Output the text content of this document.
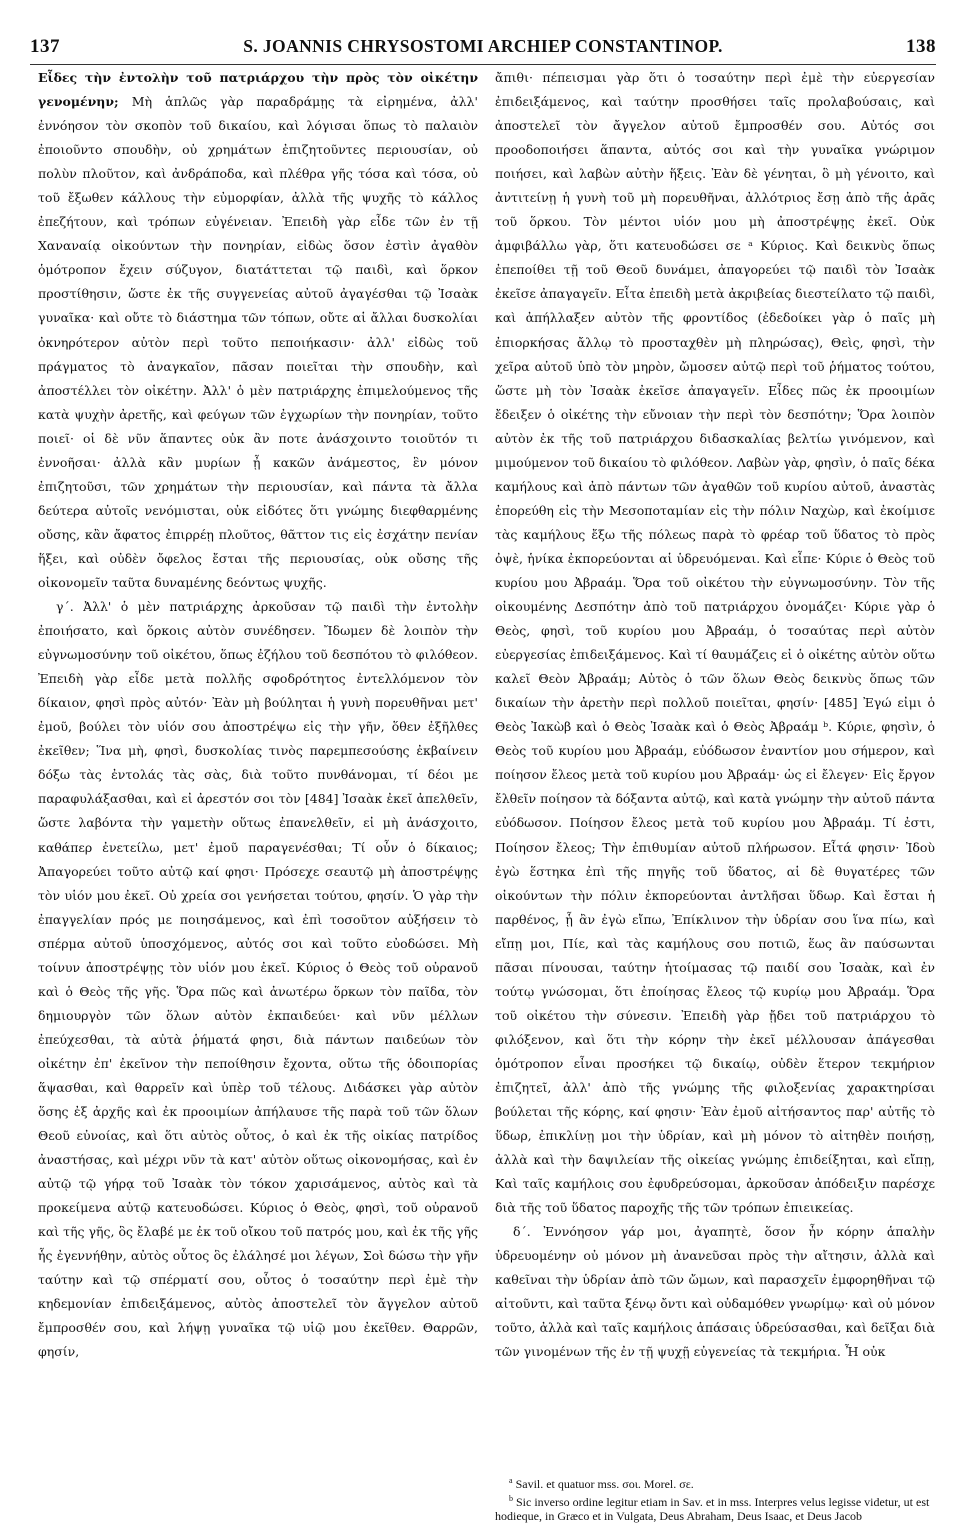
137	S. JOANNIS CHRYSOSTOMI ARCHIEP CONSTANTINOP.	138

Εἶδες τὴν ἐντολὴν τοῦ πατριάρχου τὴν πρὸς τὸν οἰκέτην γενομένην; Μὴ ἁπλῶς γὰρ παραδράμῃς τὰ εἰρημένα, ἀλλ' ἐννόησον τὸν σκοπὸν τοῦ δικαίου, καὶ λόγισαι ὅπως τὸ παλαιὸν ἐποιοῦντο σπουδὴν, οὐ χρημάτων ἐπιζητοῦντες περιουσίαν, οὐ πολὺν πλοῦτον, καὶ ἀνδράποδα, καὶ πλέθρα γῆς τόσα καὶ τόσα, οὐ τοῦ ἔξωθεν κάλλους τὴν εὐμορφίαν, ἀλλὰ τῆς ψυχῆς τὸ κάλλος ἐπεζήτουν, καὶ τρόπων εὐγένειαν. Ἐπειδὴ γὰρ εἶδε τῶν ἐν τῇ Χαναναίᾳ οἰκούντων τὴν πονηρίαν, εἰδὼς ὅσον ἐστὶν ἀγαθὸν ὁμότροπον ἔχειν σύζυγον, διατάττεται τῷ παιδὶ, καὶ ὅρκον προστίθησιν, ὥστε ἐκ τῆς συγγενείας αὐτοῦ ἀγαγέσθαι τῷ Ἰσαὰκ γυναῖκα· καὶ οὔτε τὸ διάστημα τῶν τόπων, οὔτε αἱ ἄλλαι δυσκολίαι ὀκνηρότερον αὐτὸν περὶ τοῦτο πεποιήκασιν· ἀλλ' εἰδὼς τοῦ πράγματος τὸ ἀναγκαῖον, πᾶσαν ποιεῖται τὴν σπουδὴν, καὶ ἀποστέλλει τὸν οἰκέτην. Ἀλλ' ὁ μὲν πατριάρχης ἐπιμελούμενος τῆς κατὰ ψυχὴν ἀρετῆς, καὶ φεύγων τῶν ἐγχωρίων τὴν πονηρίαν, τοῦτο ποιεῖ· οἱ δὲ νῦν ἅπαντες οὐκ ἂν ποτε ἀνάσχοιντο τοιοῦτόν τι ἐννοῆσαι· ἀλλὰ κἂν μυρίων ᾖ κακῶν ἀνάμεστος, ἓν μόνον ἐπιζητοῦσι, τῶν χρημάτων τὴν περιουσίαν, καὶ πάντα τὰ ἄλλα δεύτερα αὐτοῖς νενόμισται, οὐκ εἰδότες ὅτι γνώμης διεφθαρμένης οὔσης, κἂν ἄφατος ἐπιρρέῃ πλοῦτος, θᾶττον τις εἰς ἐσχάτην πενίαν ἥξει, καὶ οὐδὲν ὄφελος ἔσται τῆς περιουσίας, οὐκ οὔσης τῆς οἰκονομεῖν ταῦτα δυναμένης δεόντως ψυχῆς.

γ΄. Ἀλλ' ὁ μὲν πατριάρχης ἀρκοῦσαν τῷ παιδὶ τὴν ἐντολὴν ἐποιήσατο, καὶ ὅρκοις αὐτὸν συνέδησεν. Ἴδωμεν δὲ λοιπὸν τὴν εὐγνωμοσύνην τοῦ οἰκέτου, ὅπως ἐζήλου τοῦ δεσπότου τὸ φιλόθεον. Ἐπειδὴ γὰρ εἶδε μετὰ πολλῆς σφοδρότητος ἐντελλόμενον τὸν δίκαιον, φησὶ πρὸς αὐτόν· Ἐὰν μὴ βούληται ἡ γυνὴ πορευθῆναι μετ' ἐμοῦ, βούλει τὸν υἱόν σου ἀποστρέψω εἰς τὴν γῆν, ὅθεν ἐξῆλθες ἐκεῖθεν; Ἵνα μὴ, φησὶ, δυσκολίας τινὸς παρεμπεσούσης ἐκβαίνειν δόξω τὰς ἐντολάς τὰς σὰς, διὰ τοῦτο πυνθάνομαι, τί δέοι με παραφυλάξασθαι, καὶ εἰ ἀρεστόν σοι τὸν [484] Ἰσαὰκ ἐκεῖ ἀπελθεῖν, ὥστε λαβόντα τὴν γαμετὴν οὕτως ἐπανελθεῖν, εἰ μὴ ἀνάσχοιτο, καθάπερ ἐνετείλω, μετ' ἐμοῦ παραγενέσθαι; Τί οὖν ὁ δίκαιος; Ἀπαγορεύει τοῦτο αὐτῷ καί φησι· Πρόσεχε σεαυτῷ μὴ ἀποστρέψῃς τὸν υἱόν μου ἐκεῖ. Οὐ χρεία σοι γενήσεται τούτου, φησίν. Ὁ γὰρ τὴν ἐπαγγελίαν πρός με ποιησάμενος, καὶ ἐπὶ τοσοῦτον αὐξήσειν τὸ σπέρμα αὐτοῦ ὑποσχόμενος, αὐτός σοι καὶ τοῦτο εὐοδώσει. Μὴ τοίνυν ἀποστρέψῃς τὸν υἱόν μου ἐκεῖ. Κύριος ὁ Θεὸς τοῦ οὐρανοῦ καὶ ὁ Θεὸς τῆς γῆς. Ὅρα πῶς καὶ ἀνωτέρω ὅρκων τὸν παῖδα, τὸν δημιουργὸν τῶν ὅλων αὐτὸν ἐκπαιδεύει· καὶ νῦν μέλλων ἐπεύχεσθαι, τὰ αὐτὰ ῥήματά φησι, διὰ πάντων παιδεύων τὸν οἰκέτην ἐπ' ἐκεῖνον τὴν πεποίθησιν ἔχοντα, οὕτω τῆς ὁδοιπορίας ἅψασθαι, καὶ θαρρεῖν καὶ ὑπὲρ τοῦ τέλους. Διδάσκει γὰρ αὐτὸν ὅσης ἐξ ἀρχῆς καὶ ἐκ προοιμίων ἀπήλαυσε τῆς παρὰ τοῦ τῶν ὅλων Θεοῦ εὐνοίας, καὶ ὅτι αὐτὸς οὗτος, ὁ καὶ ἐκ τῆς οἰκίας πατρίδος ἀναστήσας, καὶ μέχρι νῦν τὰ κατ' αὐτὸν οὕτως οἰκονομήσας, καὶ ἐν αὐτῷ τῷ γήρᾳ τοῦ Ἰσαὰκ τὸν τόκον χαρισάμενος, αὐτὸς καὶ τὰ προκείμενα αὐτῷ κατευοδώσει. Κύριος ὁ Θεὸς, φησὶ, τοῦ οὐρανοῦ καὶ τῆς γῆς, ὃς ἔλαβέ με ἐκ τοῦ οἴκου τοῦ πατρός μου, καὶ ἐκ τῆς γῆς ἧς ἐγεννήθην, αὐτὸς οὗτος ὃς ἐλάλησέ μοι λέγων, Σοὶ δώσω τὴν γῆν ταύτην καὶ τῷ σπέρματί σου, οὗτος ὁ τοσαύτην περὶ ἐμὲ τὴν κηδεμονίαν ἐπιδειξάμενος, αὐτὸς ἀποστελεῖ τὸν ἄγγελον αὐτοῦ ἔμπροσθέν σου, καὶ λήψῃ γυναῖκα τῷ υἱῷ μου ἐκεῖθεν. Θαρρῶν, φησίν,

ἄπιθι· πέπεισμαι γὰρ ὅτι ὁ τοσαύτην περὶ ἐμὲ τὴν εὐεργεσίαν ἐπιδειξάμενος, καὶ ταύτην προσθήσει ταῖς προλαβούσαις, καὶ ἀποστελεῖ τὸν ἄγγελον αὐτοῦ ἔμπροσθέν σου. Αὐτός σοι προοδοποιήσει ἅπαντα, αὐτός σοι καὶ τὴν γυναῖκα γνώριμον ποιήσει, καὶ λαβὼν αὐτὴν ἥξεις. Ἐὰν δὲ γένηται, ὃ μὴ γένοιτο, καὶ ἀντιτείνῃ ἡ γυνὴ τοῦ μὴ πορευθῆναι, ἀλλότριος ἔσῃ ἀπὸ τῆς ἀρᾶς τοῦ ὅρκου. Τὸν μέντοι υἱόν μου μὴ ἀποστρέψῃς ἐκεῖ. Οὐκ ἀμφιβάλλω γὰρ, ὅτι κατευοδώσει σε ᵃ Κύριος. Καὶ δεικνὺς ὅπως ἐπεποίθει τῇ τοῦ Θεοῦ δυνάμει, ἀπαγορεύει τῷ παιδὶ τὸν Ἰσαὰκ ἐκεῖσε ἀπαγαγεῖν. Εἶτα ἐπειδὴ μετὰ ἀκριβείας διεστείλατο τῷ παιδὶ, καὶ ἀπήλλαξεν αὐτὸν τῆς φροντίδος (ἐδεδοίκει γὰρ ὁ παῖς μὴ ἐπιορκήσας ἄλλῳ τὸ προσταχθὲν μὴ πληρώσας), Θεὶς, φησὶ, τὴν χεῖρα αὐτοῦ ὑπὸ τὸν μηρὸν, ὤμοσεν αὐτῷ περὶ τοῦ ῥήματος τούτου, ὥστε μὴ τὸν Ἰσαὰκ ἐκεῖσε ἀπαγαγεῖν. Εἶδες πῶς ἐκ προοιμίων ἔδειξεν ὁ οἰκέτης τὴν εὔνοιαν τὴν περὶ τὸν δεσπότην; Ὅρα λοιπὸν αὐτὸν ἐκ τῆς τοῦ πατριάρχου διδασκαλίας βελτίω γινόμενον, καὶ μιμούμενον τοῦ δικαίου τὸ φιλόθεον. Λαβὼν γὰρ, φησὶν, ὁ παῖς δέκα καμήλους καὶ ἀπὸ πάντων τῶν ἀγαθῶν τοῦ κυρίου αὐτοῦ, ἀναστὰς ἐπορεύθη εἰς τὴν Μεσοποταμίαν εἰς τὴν πόλιν Ναχὼρ, καὶ ἐκοίμισε τὰς καμήλους ἔξω τῆς πόλεως παρὰ τὸ φρέαρ τοῦ ὕδατος τὸ πρὸς ὀψὲ, ἡνίκα ἐκπορεύονται αἱ ὑδρευόμεναι. Καὶ εἶπε· Κύριε ὁ Θεὸς τοῦ κυρίου μου Ἀβραάμ. Ὅρα τοῦ οἰκέτου τὴν εὐγνωμοσύνην. Τὸν τῆς οἰκουμένης Δεσπότην ἀπὸ τοῦ πατριάρχου ὀνομάζει· Κύριε γὰρ ὁ Θεὸς, φησὶ, τοῦ κυρίου μου Ἀβραάμ, ὁ τοσαύτας περὶ αὐτὸν εὐεργεσίας ἐπιδειξάμενος. Καὶ τί θαυμάζεις εἰ ὁ οἰκέτης αὐτὸν οὕτω καλεῖ Θεὸν Ἀβραάμ; Αὐτὸς ὁ τῶν ὅλων Θεὸς δεικνὺς ὅπως τῶν δικαίων τὴν ἀρετὴν περὶ πολλοῦ ποιεῖται, φησίν· [485] Ἐγώ εἰμι ὁ Θεὸς Ἰακὼβ καὶ ὁ Θεὸς Ἰσαὰκ καὶ ὁ Θεὸς Ἀβραάμ ᵇ. Κύριε, φησὶν, ὁ Θεὸς τοῦ κυρίου μου Ἀβραάμ, εὐόδωσον ἐναντίον μου σήμερον, καὶ ποίησον ἔλεος μετὰ τοῦ κυρίου μου Ἀβραάμ· ὡς εἰ ἔλεγεν· Εἰς ἔργον ἔλθεῖν ποίησον τὰ δόξαντα αὐτῷ, καὶ κατὰ γνώμην τὴν αὐτοῦ πάντα εὐόδωσον. Ποίησον ἔλεος μετὰ τοῦ κυρίου μου Ἀβραάμ. Τί ἐστι, Ποίησον ἔλεος; Τὴν ἐπιθυμίαν αὐτοῦ πλήρωσον. Εἶτά φησιν· Ἰδοὺ ἐγὼ ἕστηκα ἐπὶ τῆς πηγῆς τοῦ ὕδατος, αἱ δὲ θυγατέρες τῶν οἰκούντων τὴν πόλιν ἐκπορεύονται ἀντλῆσαι ὕδωρ. Καὶ ἔσται ἡ παρθένος, ᾗ ἂν ἐγὼ εἴπω, Ἐπίκλινον τὴν ὑδρίαν σου ἵνα πίω, καὶ εἴπῃ μοι, Πίε, καὶ τὰς καμήλους σου ποτιῶ, ἕως ἂν παύσωνται πᾶσαι πίνουσαι, ταύτην ἡτοίμασας τῷ παιδί σου Ἰσαὰκ, καὶ ἐν τούτῳ γνώσομαι, ὅτι ἐποίησας ἔλεος τῷ κυρίῳ μου Ἀβραάμ. Ὅρα τοῦ οἰκέτου τὴν σύνεσιν. Ἐπειδὴ γὰρ ᾔδει τοῦ πατριάρχου τὸ φιλόξενον, καὶ ὅτι τὴν κόρην τὴν ἐκεῖ μέλλουσαν ἀπάγεσθαι ὁμότροπον εἶναι προσήκει τῷ δικαίῳ, οὐδὲν ἕτερον τεκμήριον ἐπιζητεῖ, ἀλλ' ἀπὸ τῆς γνώμης τῆς φιλοξενίας χαρακτηρίσαι βούλεται τῆς κόρης, καί φησιν· Ἐὰν ἐμοῦ αἰτήσαντος παρ' αὐτῆς τὸ ὕδωρ, ἐπικλίνῃ μοι τὴν ὑδρίαν, καὶ μὴ μόνον τὸ αἰτηθὲν ποιήσῃ, ἀλλὰ καὶ τὴν δαψιλείαν τῆς οἰκείας γνώμης ἐπιδείξηται, καὶ εἴπῃ, Καὶ ταῖς καμήλοις σου ἐφυδρεύσομαι, ἀρκοῦσαν ἀπόδειξιν παρέσχε διὰ τῆς τοῦ ὕδατος παροχῆς τῆς τῶν τρόπων ἐπιεικείας.

δ΄. Ἐννόησον γάρ μοι, ἀγαπητὲ, ὅσον ἦν κόρην ἁπαλὴν ὑδρευομένην οὐ μόνον μὴ ἀνανεῦσαι πρὸς τὴν αἴτησιν, ἀλλὰ καὶ καθεῖναι τὴν ὑδρίαν ἀπὸ τῶν ὤμων, καὶ παρασχεῖν ἐμφορηθῆναι τῷ αἰτοῦντι, καὶ ταῦτα ξένῳ ὄντι καὶ οὐδαμόθεν γνωρίμῳ· καὶ οὐ μόνον τοῦτο, ἀλλὰ καὶ ταῖς καμήλοις ἁπάσαις ὑδρεύσασθαι, καὶ δεῖξαι διὰ τῶν γινομένων τῆς ἐν τῇ ψυχῇ εὐγενείας τὰ τεκμήρια. Ἦ οὐκ

$^a$ Savil. et quatuor mss. σοι. Morel. σε.

$^b$ Sic inverso ordine legitur etiam in Sav. et in mss. Interpres velus legisse videtur, ut est hodieque, in Græco et in Vulgata, Deus Abraham, Deus Isaac, et Deus Jacob
